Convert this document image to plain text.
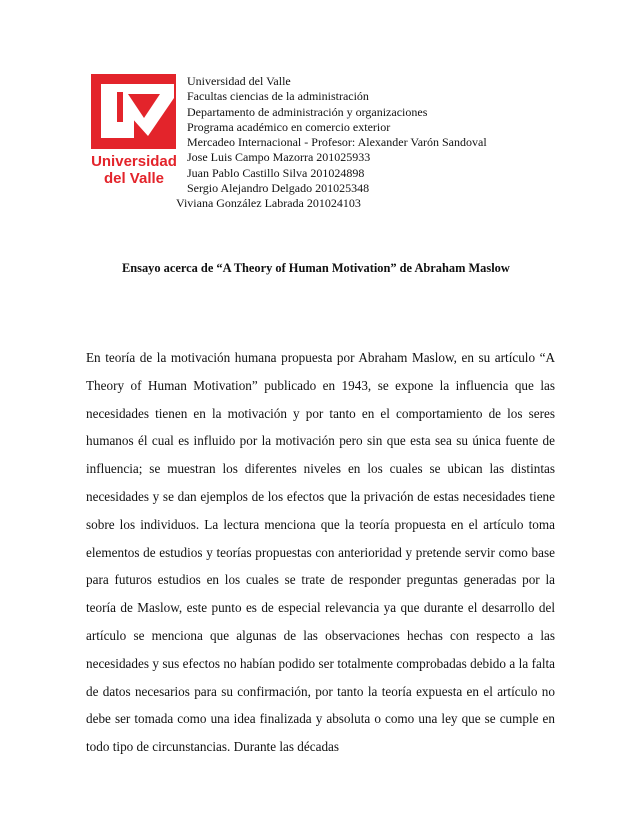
Universidad
del Valle
Universidad del Valle
Facultas ciencias de la administración
Departamento de administración y organizaciones
Programa académico en comercio exterior
Mercadeo Internacional - Profesor: Alexander Varón Sandoval
Jose Luis Campo Mazorra 201025933
Juan Pablo Castillo Silva 201024898
Sergio Alejandro Delgado 201025348
Viviana González Labrada 201024103
Ensayo acerca de “A Theory of Human Motivation” de Abraham Maslow
En teoría de la motivación humana propuesta por Abraham Maslow, en su artículo “A Theory of Human Motivation” publicado en 1943, se expone la influencia que las necesidades tienen en la motivación y por tanto en el comportamiento de los seres humanos él cual es influido por la motivación pero sin que esta sea su única fuente de influencia; se muestran los diferentes niveles en los cuales se ubican las distintas necesidades y se dan ejemplos de los efectos que la privación de estas necesidades tiene sobre los individuos. La lectura menciona que la teoría propuesta en el artículo toma elementos de estudios y teorías propuestas con anterioridad y pretende servir como base para futuros estudios en los cuales se trate de responder preguntas generadas por la teoría de Maslow, este punto es de especial relevancia ya que durante el desarrollo del artículo se menciona que algunas de las observaciones hechas con respecto a las necesidades y sus efectos no habían podido ser totalmente comprobadas debido a la falta de datos necesarios para su confirmación, por tanto la teoría expuesta en el artículo no debe ser tomada como una idea finalizada y absoluta o como una ley que se cumple en todo tipo de circunstancias. Durante las décadas
